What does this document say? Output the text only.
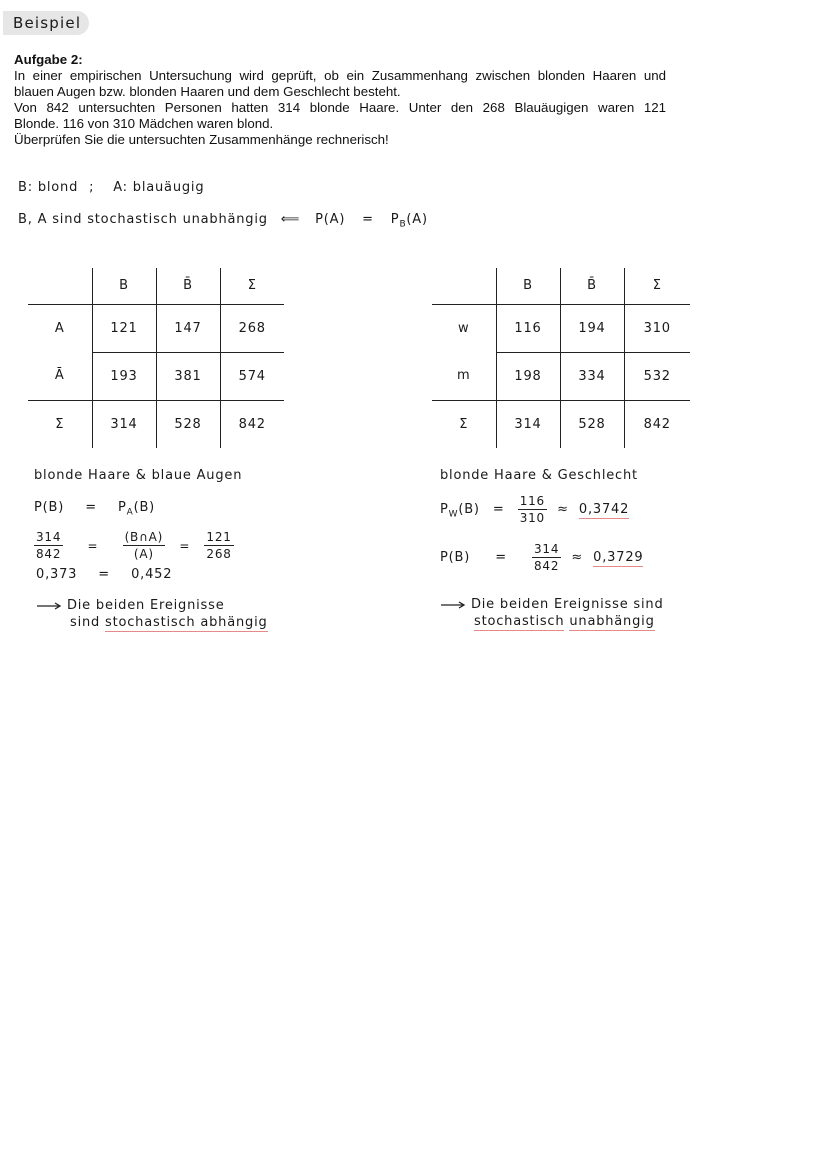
Beispiel
Aufgabe 2:
In einer empirischen Untersuchung wird geprüft, ob ein Zusammenhang zwischen blonden Haaren und
blauen Augen bzw. blonden Haaren und dem Geschlecht besteht.
Von 842 untersuchten Personen hatten 314 blonde Haare. Unter den 268 Blauäugigen waren 121
Blonde. 116 von 310 Mädchen waren blond.
Überprüfen Sie die untersuchten Zusammenhänge rechnerisch!
B: blond ; A: blauäugig
B, A sind stochastisch unabhängig ⟸ $P(A) = P_B(A)$
	B	B̄	Σ
A	121	147	268
Ā	193	381	574
Σ	314	528	842
	B	B̄	Σ
w	116	194	310
m	198	334	532
Σ	314	528	842
blonde Haare & blaue Augen
$P(B) = P_A(B)$
$\frac{314}{842} = \frac{(B\cap A)}{(A)} = \frac{121}{268}$
0,373 = 0,452
Die beiden Ereignisse
sind stochastisch abhängig
blonde Haare & Geschlecht
$P_W(B) = \frac{116}{310} \approx 0,3742$
$P(B) = \frac{314}{842} \approx 0,3729$
Die beiden Ereignisse sind
stochastisch unabhängig
